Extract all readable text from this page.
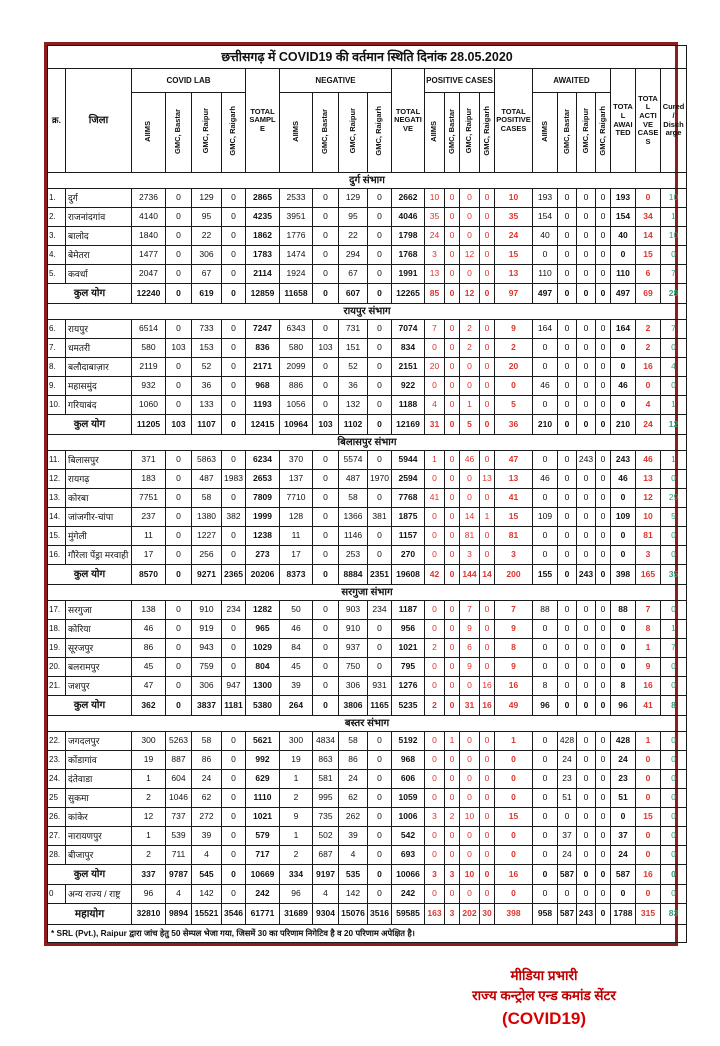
छत्तीसगढ़ में COVID19 की वर्तमान स्थिति दिनांक 28.05.2020																							
क्र.	जिला	COVID LAB				TOTAL SAMPLE	NEGATIVE				TOTAL NEGATIVE	POSITIVE CASES				TOTAL POSITIVE CASES	AWAITED				TOTAL AWAITED	TOTAL ACTIVE CASES	Cured / Discharge
		AIIMS	GMC, Bastar	GMC, Raipur	GMC, Raigarh		AIIMS	GMC, Bastar	GMC, Raipur	GMC, Raigarh		AIIMS	GMC, Bastar	GMC, Raipur	GMC, Raigarh		AIIMS	GMC, Bastar	GMC, Raipur	GMC, Raigarh			
दुर्ग संभाग																							
1.	दुर्ग	2736	0	129	0	2865	2533	0	129	0	2662	10	0	0	0	10	193	0	0	0	193	0	10
2.	राजनांदगांव	4140	0	95	0	4235	3951	0	95	0	4046	35	0	0	0	35	154	0	0	0	154	34	1
3.	बालोद	1840	0	22	0	1862	1776	0	22	0	1798	24	0	0	0	24	40	0	0	0	40	14	10
4.	बेमेतरा	1477	0	306	0	1783	1474	0	294	0	1768	3	0	12	0	15	0	0	0	0	0	15	0
5.	कवर्धा	2047	0	67	0	2114	1924	0	67	0	1991	13	0	0	0	13	110	0	0	0	110	6	7
कुल योग		12240	0	619	0	12859	11658	0	607	0	12265	85	0	12	0	97	497	0	0	0	497	69	28
रायपुर संभाग																							
6.	रायपुर	6514	0	733	0	7247	6343	0	731	0	7074	7	0	2	0	9	164	0	0	0	164	2	7
7.	धमतरी	580	103	153	0	836	580	103	151	0	834	0	0	2	0	2	0	0	0	0	0	2	0
8.	बलौदाबाज़ार	2119	0	52	0	2171	2099	0	52	0	2151	20	0	0	0	20	0	0	0	0	0	16	4
9.	महासमुंद	932	0	36	0	968	886	0	36	0	922	0	0	0	0	0	46	0	0	0	46	0	0
10.	गरियाबंद	1060	0	133	0	1193	1056	0	132	0	1188	4	0	1	0	5	0	0	0	0	0	4	1
कुल योग		11205	103	1107	0	12415	10964	103	1102	0	12169	31	0	5	0	36	210	0	0	0	210	24	12
बिलासपुर संभाग																							
11.	बिलासपुर	371	0	5863	0	6234	370	0	5574	0	5944	1	0	46	0	47	0	0	243	0	243	46	1
12.	रायगढ़	183	0	487	1983	2653	137	0	487	1970	2594	0	0	0	13	13	46	0	0	0	46	13	0
13.	कोरबा	7751	0	58	0	7809	7710	0	58	0	7768	41	0	0	0	41	0	0	0	0	0	12	29
14.	जांजगीर-चांपा	237	0	1380	382	1999	128	0	1366	381	1875	0	0	14	1	15	109	0	0	0	109	10	5
15.	मुंगेली	11	0	1227	0	1238	11	0	1146	0	1157	0	0	81	0	81	0	0	0	0	0	81	0
16.	गौरेला पेंड्रा मरवाही	17	0	256	0	273	17	0	253	0	270	0	0	3	0	3	0	0	0	0	0	3	0
कुल योग		8570	0	9271	2365	20206	8373	0	8884	2351	19608	42	0	144	14	200	155	0	243	0	398	165	35
सरगुजा संभाग																							
17.	सरगुजा	138	0	910	234	1282	50	0	903	234	1187	0	0	7	0	7	88	0	0	0	88	7	0
18.	कोरिया	46	0	919	0	965	46	0	910	0	956	0	0	9	0	9	0	0	0	0	0	8	1
19.	सूरजपुर	86	0	943	0	1029	84	0	937	0	1021	2	0	6	0	8	0	0	0	0	0	1	7
20.	बलरामपुर	45	0	759	0	804	45	0	750	0	795	0	0	9	0	9	0	0	0	0	0	9	0
21.	जशपुर	47	0	306	947	1300	39	0	306	931	1276	0	0	0	16	16	8	0	0	0	8	16	0
कुल योग		362	0	3837	1181	5380	264	0	3806	1165	5235	2	0	31	16	49	96	0	0	0	96	41	8
बस्तर संभाग																							
22.	जगदलपुर	300	5263	58	0	5621	300	4834	58	0	5192	0	1	0	0	1	0	428	0	0	428	1	0
23.	कोंडागांव	19	887	86	0	992	19	863	86	0	968	0	0	0	0	0	0	24	0	0	24	0	0
24.	दंतेवाडा	1	604	24	0	629	1	581	24	0	606	0	0	0	0	0	0	23	0	0	23	0	0
25	सुकमा	2	1046	62	0	1110	2	995	62	0	1059	0	0	0	0	0	0	51	0	0	51	0	0
26.	कांकेर	12	737	272	0	1021	9	735	262	0	1006	3	2	10	0	15	0	0	0	0	0	15	0
27.	नारायणपुर	1	539	39	0	579	1	502	39	0	542	0	0	0	0	0	0	37	0	0	37	0	0
28.	बीजापुर	2	711	4	0	717	2	687	4	0	693	0	0	0	0	0	0	24	0	0	24	0	0
कुल योग		337	9787	545	0	10669	334	9197	535	0	10066	3	3	10	0	16	0	587	0	0	587	16	0
0	अन्य राज्य / राष्ट्र	96	4	142	0	242	96	4	142	0	242	0	0	0	0	0	0	0	0	0	0	0	0
महायोग		32810	9894	15521	3546	61771	31689	9304	15076	3516	59585	163	3	202	30	398	958	587	243	0	1788	315	83
* SRL (Pvt.), Raipur द्वारा जांच हेतु 50 सेम्पल भेजा गया, जिसमें 30 का परिणाम निगेटिव है व 20 परिणाम अपेक्षित है।																							
मीडिया प्रभारी
राज्य कन्ट्रोल एन्ड कमांड सेंटर
(COVID19)
